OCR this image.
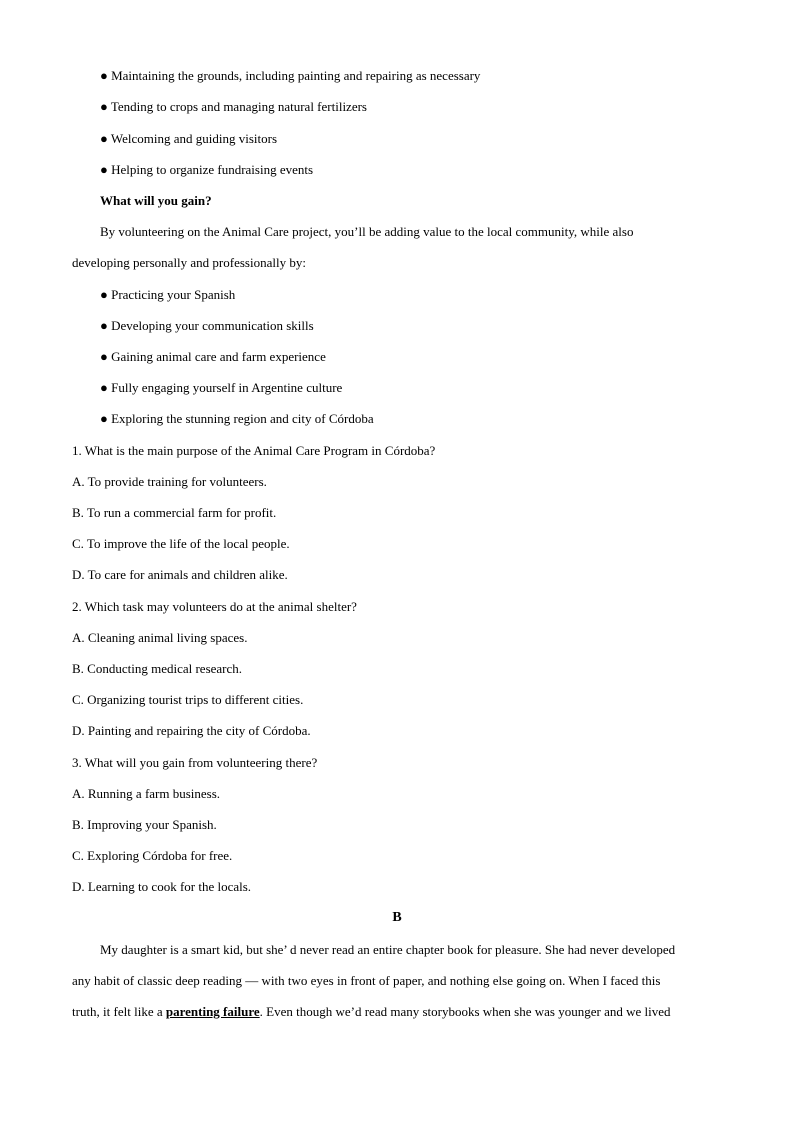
● Maintaining the grounds, including painting and repairing as necessary
● Tending to crops and managing natural fertilizers
● Welcoming and guiding visitors
● Helping to organize fundraising events
What will you gain?
By volunteering on the Animal Care project, you’ll be adding value to the local community, while also
developing personally and professionally by:
● Practicing your Spanish
● Developing your communication skills
● Gaining animal care and farm experience
● Fully engaging yourself in Argentine culture
● Exploring the stunning region and city of Córdoba
1. What is the main purpose of the Animal Care Program in Córdoba?
A. To provide training for volunteers.
B. To run a commercial farm for profit.
C. To improve the life of the local people.
D. To care for animals and children alike.
2. Which task may volunteers do at the animal shelter?
A. Cleaning animal living spaces.
B. Conducting medical research.
C. Organizing tourist trips to different cities.
D. Painting and repairing the city of Córdoba.
3. What will you gain from volunteering there?
A. Running a farm business.
B. Improving your Spanish.
C. Exploring Córdoba for free.
D. Learning to cook for the locals.
B
My daughter is a smart kid, but she’ d never read an entire chapter book for pleasure. She had never developed
any habit of classic deep reading — with two eyes in front of paper, and nothing else going on. When I faced this
truth, it felt like a parenting failure. Even though we’d read many storybooks when she was younger and we lived
